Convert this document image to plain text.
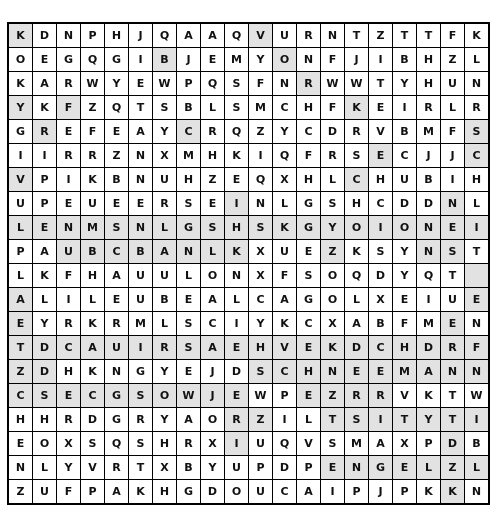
K	D	N	P	H	J	Q	A	A	Q	V	U	R	N	T	Z	T	T	F	K
O	E	G	Q	G	I	B	J	E	M	Y	O	N	F	J	I	B	H	Z	L
K	A	R	W	Y	E	W	P	Q	S	F	N	R	W	W	T	Y	H	U	N
Y	K	F	Z	Q	T	S	B	L	S	M	C	H	F	K	E	I	R	L	R
G	R	E	F	E	A	Y	C	R	Q	Z	Y	C	D	R	V	B	M	F	S
I	I	R	R	Z	N	X	M	H	K	I	Q	F	R	S	E	C	J	J	C
V	P	I	K	B	N	U	H	Z	E	Q	X	H	L	C	H	U	B	I	H
U	P	E	U	E	E	R	S	E	I	N	L	G	S	H	C	D	D	N	L
L	E	N	M	S	N	L	G	S	H	S	K	G	Y	O	I	O	N	E	I
P	A	U	B	C	B	A	N	L	K	X	U	E	Z	K	S	Y	N	S	T
L	K	F	H	A	U	U	L	O	N	X	F	S	O	Q	D	Y	Q	T
A	L	I	L	E	U	B	E	A	L	C	A	G	O	L	X	E	I	U	E
E	Y	R	K	R	M	L	S	C	I	Y	K	C	X	A	B	F	M	E	N
T	D	C	A	U	I	R	S	A	E	H	V	E	K	D	C	H	D	R	F
Z	D	H	K	N	G	Y	E	J	D	S	C	H	N	E	E	M	A	N	N
C	S	E	C	G	S	O	W	J	E	W	P	E	Z	R	R	V	K	T	W
H	H	R	D	G	R	Y	A	O	R	Z	I	L	T	S	I	T	Y	T	I
E	O	X	S	Q	S	H	R	X	I	U	Q	V	S	M	A	X	P	D	B
N	L	Y	V	R	T	X	B	Y	U	P	D	P	E	N	G	E	L	Z	L
Z	U	F	P	A	K	H	G	D	O	U	C	A	I	P	J	P	K	K	N
